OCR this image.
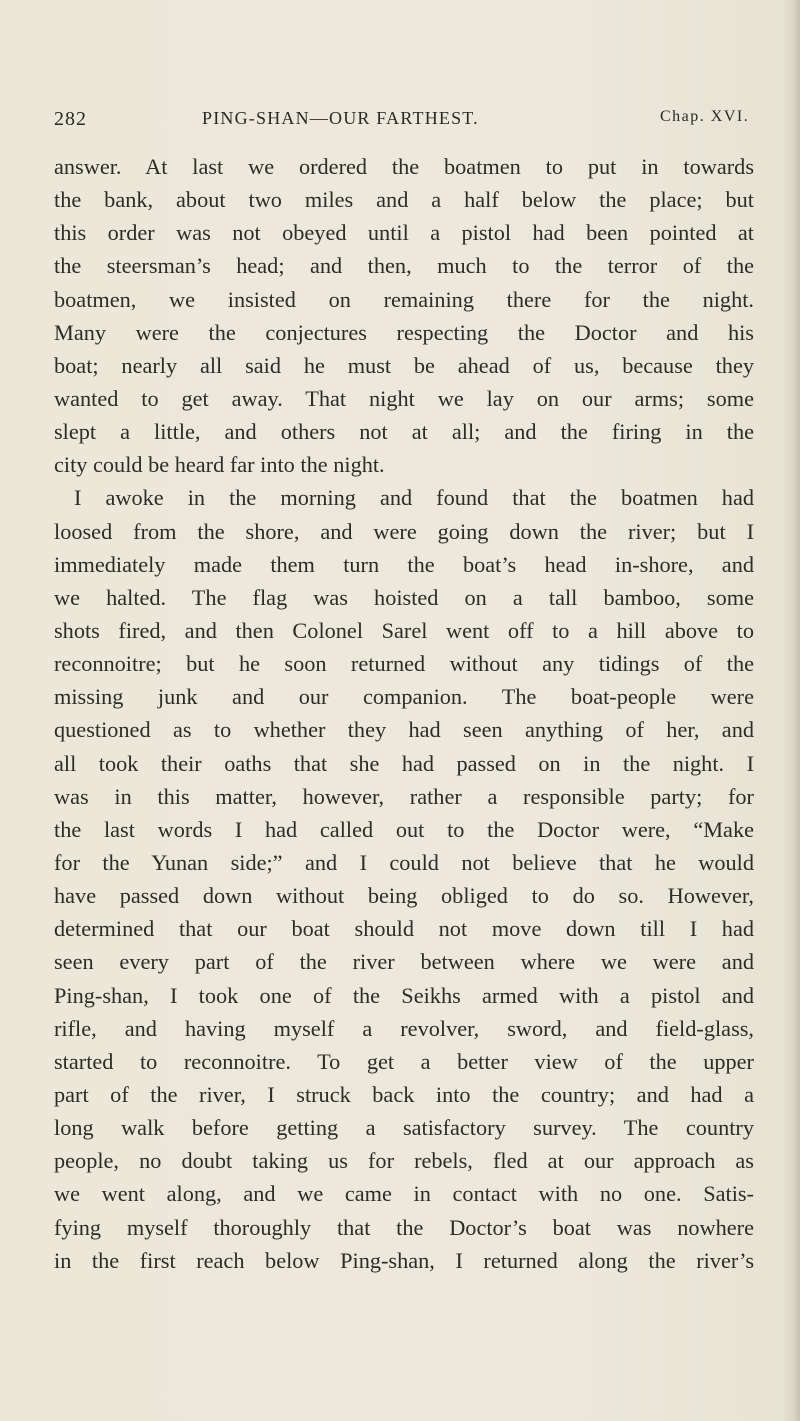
282	PING-SHAN—OUR FARTHEST.	Chap. XVI.
answer. At last we ordered the boatmen to put in towards
the bank, about two miles and a half below the place; but
this order was not obeyed until a pistol had been pointed at
the steersman’s head; and then, much to the terror of the
boatmen, we insisted on remaining there for the night.
Many were the conjectures respecting the Doctor and his
boat; nearly all said he must be ahead of us, because they
wanted to get away. That night we lay on our arms; some
slept a little, and others not at all; and the firing in the
city could be heard far into the night.
I awoke in the morning and found that the boatmen had
loosed from the shore, and were going down the river; but I
immediately made them turn the boat’s head in-shore, and
we halted. The flag was hoisted on a tall bamboo, some
shots fired, and then Colonel Sarel went off to a hill above to
reconnoitre; but he soon returned without any tidings of the
missing junk and our companion. The boat-people were
questioned as to whether they had seen anything of her, and
all took their oaths that she had passed on in the night. I
was in this matter, however, rather a responsible party; for
the last words I had called out to the Doctor were, “Make
for the Yunan side;” and I could not believe that he would
have passed down without being obliged to do so. However,
determined that our boat should not move down till I had
seen every part of the river between where we were and
Ping-shan, I took one of the Seikhs armed with a pistol and
rifle, and having myself a revolver, sword, and field-glass,
started to reconnoitre. To get a better view of the upper
part of the river, I struck back into the country; and had a
long walk before getting a satisfactory survey. The country
people, no doubt taking us for rebels, fled at our approach as
we went along, and we came in contact with no one. Satis-
fying myself thoroughly that the Doctor’s boat was nowhere
in the first reach below Ping-shan, I returned along the river’s
